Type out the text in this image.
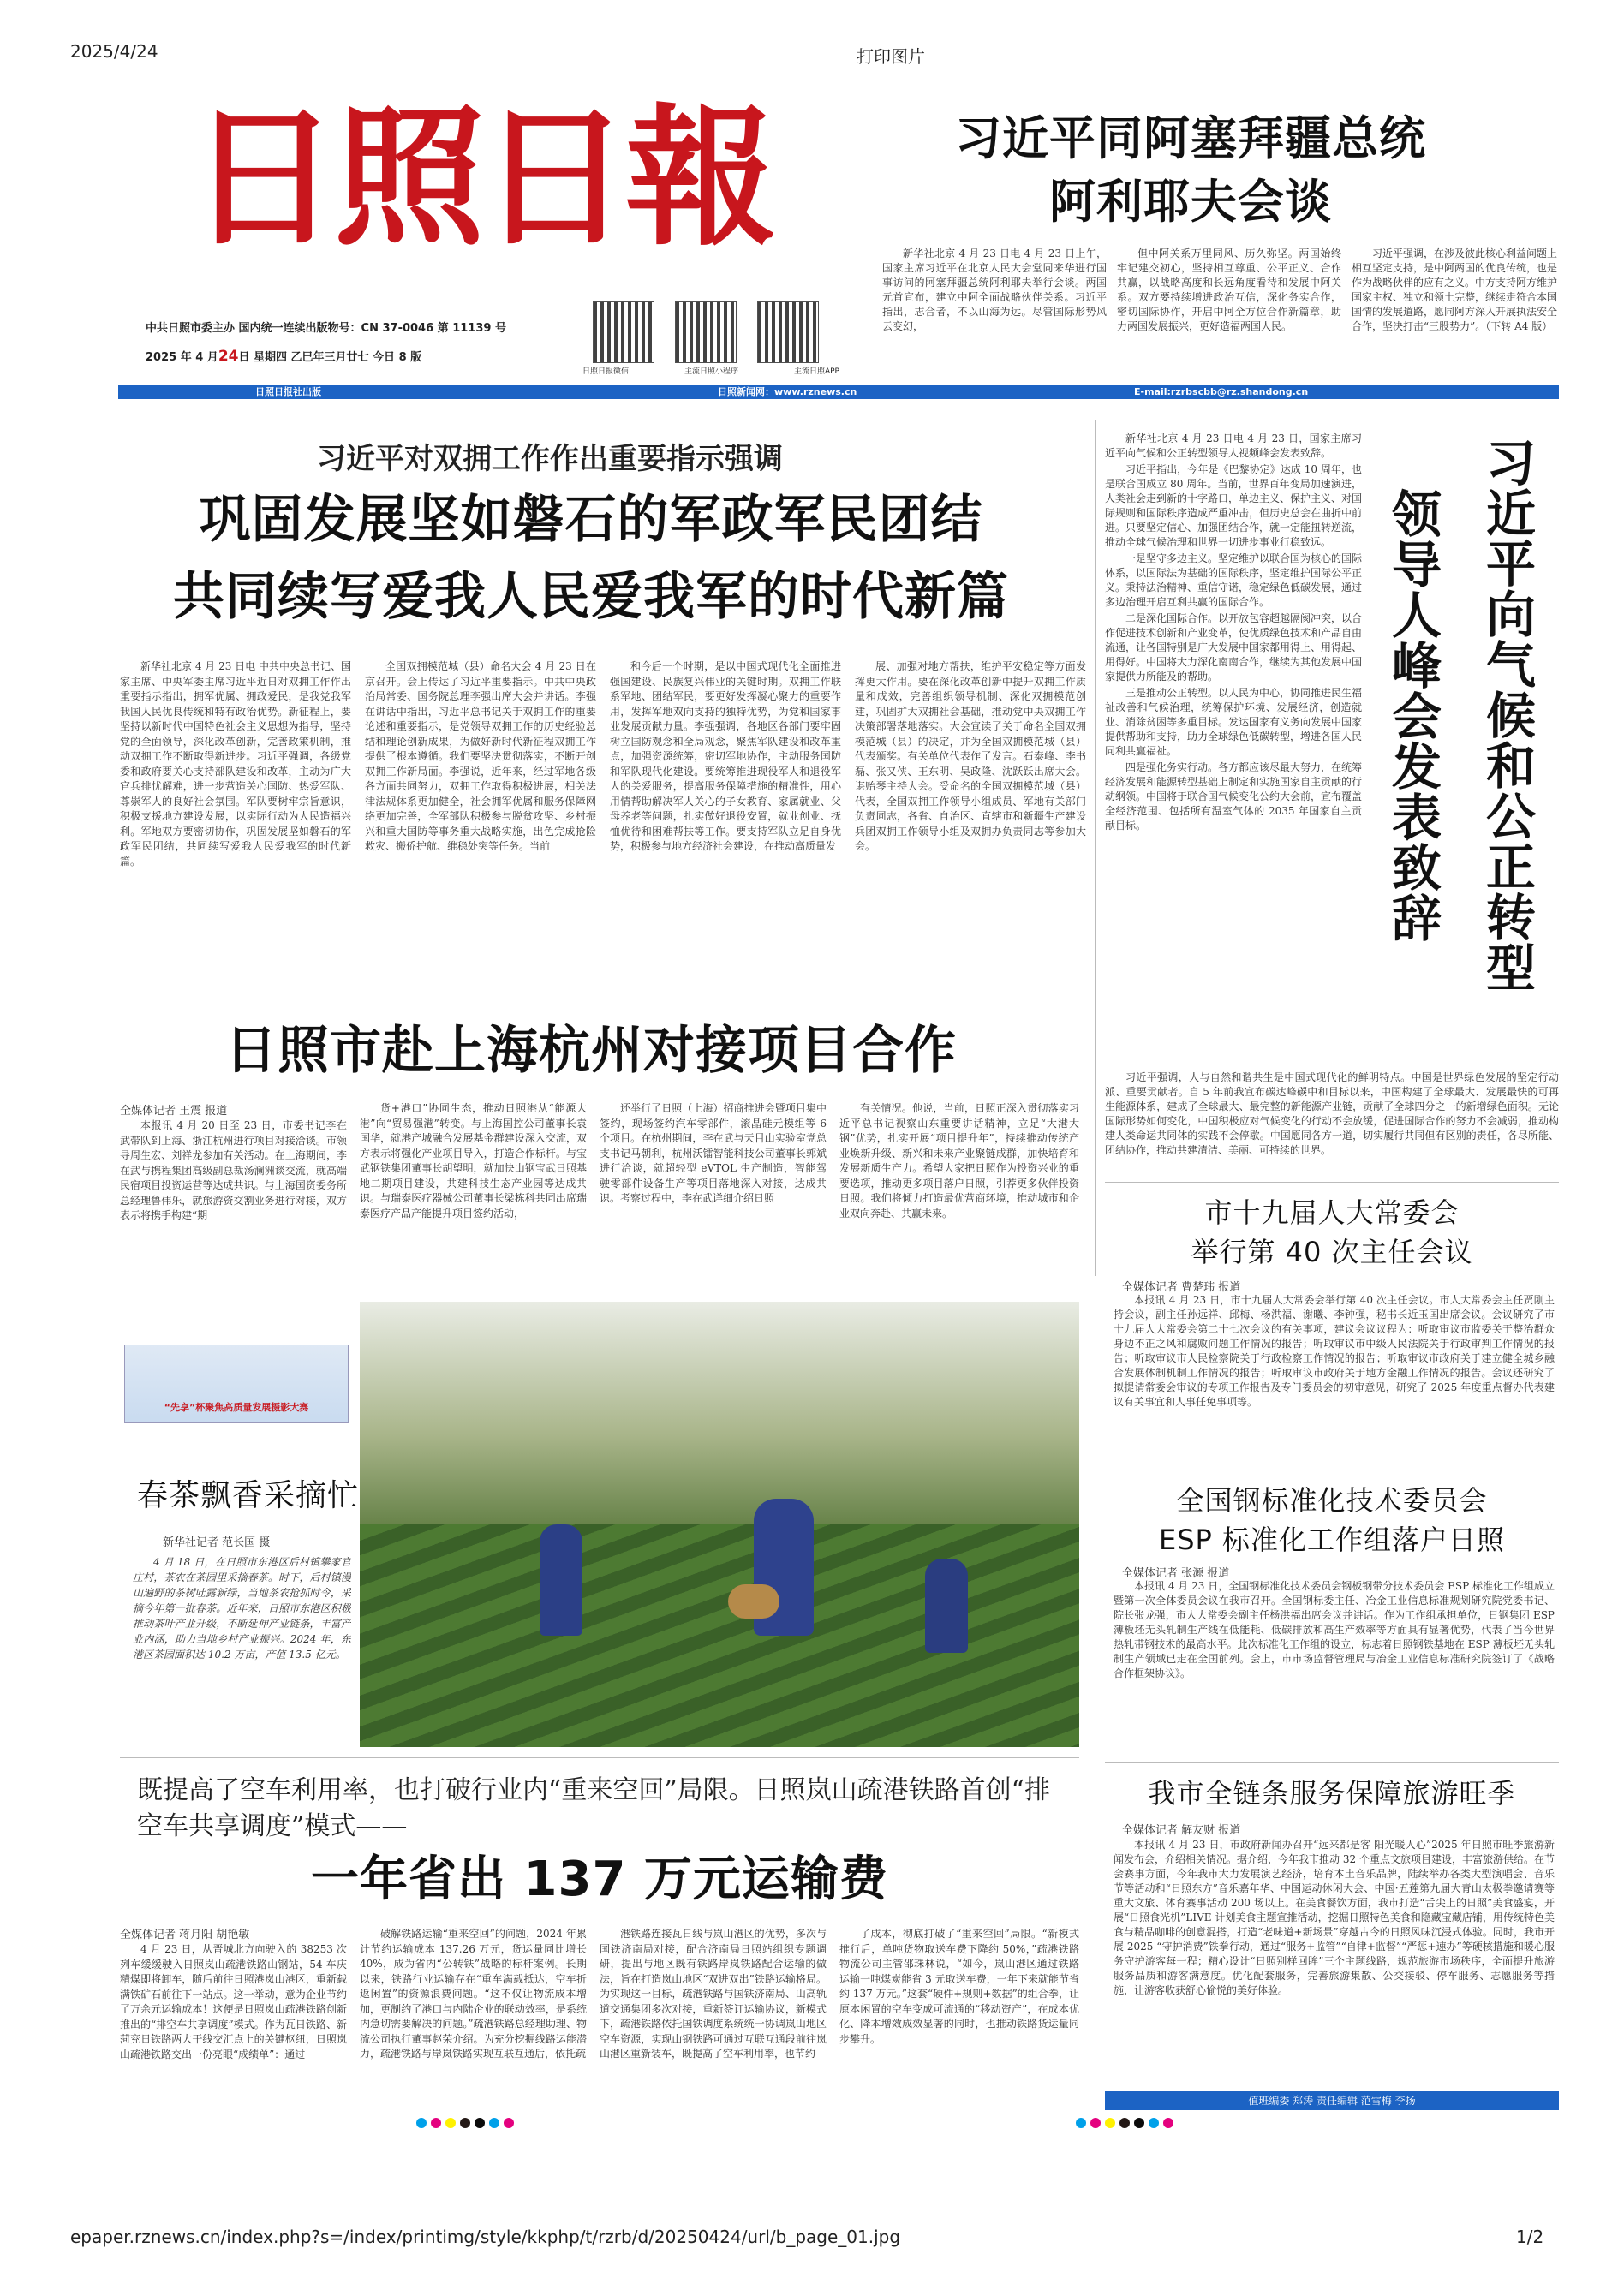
2025/4/24	打印图片
日照日報
中共日照市委主办 国内统一连续出版物号：CN 37-0046 第 11139 号
2025 年 4 月24日 星期四 乙巳年三月廿七 今日 8 版
日照日报微信	主流日照小程序	主流日照APP
习近平同阿塞拜疆总统
阿利耶夫会谈

新华社北京 4 月 23 日电 4 月 23 日上午，国家主席习近平在北京人民大会堂同来华进行国事访问的阿塞拜疆总统阿利耶夫举行会谈。两国元首宣布，建立中阿全面战略伙伴关系。习近平指出，志合者，不以山海为远。尽管国际形势风云变幻，

但中阿关系万里同风、历久弥坚。两国始终牢记建交初心，坚持相互尊重、公平正义、合作共赢，以战略高度和长远角度看待和发展中阿关系。双方要持续增进政治互信，深化务实合作，密切国际协作，开启中阿全方位合作新篇章，助力两国发展振兴，更好造福两国人民。

习近平强调，在涉及彼此核心利益问题上相互坚定支持，是中阿两国的优良传统，也是作为战略伙伴的应有之义。中方支持阿方维护国家主权、独立和领土完整，继续走符合本国国情的发展道路，愿同阿方深入开展执法安全合作，坚决打击“三股势力”。（下转 A4 版）

日照日报社出版	日照新闻网：www.rznews.cn	E-mail:rzrbscbb@rz.shandong.cn
习近平对双拥工作作出重要指示强调
巩固发展坚如磐石的军政军民团结
共同续写爱我人民爱我军的时代新篇

新华社北京 4 月 23 日电 中共中央总书记、国家主席、中央军委主席习近平近日对双拥工作作出重要指示指出，拥军优属、拥政爱民，是我党我军我国人民优良传统和特有政治优势。新征程上，要坚持以新时代中国特色社会主义思想为指导，坚持党的全面领导，深化改革创新，完善政策机制，推动双拥工作不断取得新进步。习近平强调，各级党委和政府要关心支持部队建设和改革，主动为广大官兵排忧解难，进一步营造关心国防、热爱军队、尊崇军人的良好社会氛围。军队要树牢宗旨意识，积极支援地方建设发展，以实际行动为人民造福兴利。军地双方要密切协作，巩固发展坚如磐石的军政军民团结，共同续写爱我人民爱我军的时代新篇。

全国双拥模范城（县）命名大会 4 月 23 日在京召开。会上传达了习近平重要指示。中共中央政治局常委、国务院总理李强出席大会并讲话。李强在讲话中指出，习近平总书记关于双拥工作的重要论述和重要指示，是党领导双拥工作的历史经验总结和理论创新成果，为做好新时代新征程双拥工作提供了根本遵循。我们要坚决贯彻落实，不断开创双拥工作新局面。李强说，近年来，经过军地各级各方面共同努力，双拥工作取得积极进展，相关法律法规体系更加健全，社会拥军优属和服务保障网络更加完善，全军部队积极参与脱贫攻坚、乡村振兴和重大国防等事务重大战略实施，出色完成抢险救灾、搬侨护航、维稳处突等任务。当前

和今后一个时期，是以中国式现代化全面推进强国建设、民族复兴伟业的关键时期。双拥工作联系军地、团结军民，要更好发挥凝心聚力的重要作用，发挥军地双向支持的独特优势，为党和国家事业发展贡献力量。李强强调，各地区各部门要牢固树立国防观念和全局观念，聚焦军队建设和改革重点，加强资源统筹，密切军地协作，主动服务国防和军队现代化建设。要统筹推进现役军人和退役军人的关爱服务，提高服务保障措施的精准性，用心用情帮助解决军人关心的子女教育、家属就业、父母养老等问题，扎实做好退役安置，就业创业、抚恤优待和困难帮扶等工作。要支持军队立足自身优势，积极参与地方经济社会建设，在推动高质量发

展、加强对地方帮扶，维护平安稳定等方面发挥更大作用。要在深化改革创新中提升双拥工作质量和成效，完善组织领导机制、深化双拥模范创建，巩固扩大双拥社会基础，推动党中央双拥工作决策部署落地落实。大会宣读了关于命名全国双拥模范城（县）的决定，并为全国双拥模范城（县）代表颁奖。有关单位代表作了发言。石泰峰、李书磊、张又侠、王东明、吴政隆、沈跃跃出席大会。谌贻琴主持大会。受命名的全国双拥模范城（县）代表，全国双拥工作领导小组成员、军地有关部门负责同志，各省、自治区、直辖市和新疆生产建设兵团双拥工作领导小组及双拥办负责同志等参加大会。	习近平向气候和公正转型
领导人峰会发表致辞

新华社北京 4 月 23 日电 4 月 23 日，国家主席习近平向气候和公正转型领导人视频峰会发表致辞。

习近平指出，今年是《巴黎协定》达成 10 周年，也是联合国成立 80 周年。当前，世界百年变局加速演进，人类社会走到新的十字路口，单边主义、保护主义、对国际规则和国际秩序造成严重冲击，但历史总会在曲折中前进。只要坚定信心、加强团结合作，就一定能扭转逆流，推动全球气候治理和世界一切进步事业行稳致远。

一是坚守多边主义。坚定维护以联合国为核心的国际体系，以国际法为基础的国际秩序，坚定维护国际公平正义。秉持法治精神、重信守诺，稳定绿色低碳发展，通过多边治理开启互利共赢的国际合作。

二是深化国际合作。以开放包容超越隔阂冲突，以合作促进技术创新和产业变革，使优质绿色技术和产品自由流通，让各国特别是广大发展中国家都用得上、用得起、用得好。中国将大力深化南南合作，继续为其他发展中国家提供力所能及的帮助。

三是推动公正转型。以人民为中心，协同推进民生福祉改善和气候治理，统筹保护环境、发展经济，创造就业、消除贫困等多重目标。发达国家有义务向发展中国家提供帮助和支持，助力全球绿色低碳转型，增进各国人民同利共赢福祉。

四是强化务实行动。各方都应该尽最大努力，在统筹经济发展和能源转型基础上制定和实施国家自主贡献的行动纲领。中国将于联合国气候变化公约大会前，宣布覆盖全经济范围、包括所有温室气体的 2035 年国家自主贡献目标。

习近平强调，人与自然和谐共生是中国式现代化的鲜明特点。中国是世界绿色发展的坚定行动派、重要贡献者。自 5 年前我宣布碳达峰碳中和目标以来，中国构建了全球最大、发展最快的可再生能源体系，建成了全球最大、最完整的新能源产业链，贡献了全球四分之一的新增绿色面积。无论国际形势如何变化，中国积极应对气候变化的行动不会放缓，促进国际合作的努力不会减弱，推动构建人类命运共同体的实践不会停歇。中国愿同各方一道，切实履行共同但有区别的责任，各尽所能、团结协作，推动共建清洁、美丽、可持续的世界。

日照市赴上海杭州对接项目合作
全媒体记者 王震 报道

本报讯 4 月 20 日至 23 日，市委书记李在武带队到上海、浙江杭州进行项目对接洽谈。市领导周生宏、刘祥龙参加有关活动。在上海期间，李在武与携程集团高级副总裁汤澜洲谈交流，就高端民宿项目投资运营等达成共识。与上海国资委务所总经理鲁伟乐，就旅游资交割业务进行对接，双方表示将携手构建“期

货+港口”协同生态，推动日照港从“能源大港”向“贸易强港”转变。与上海国控公司董事长袁国华，就港产城融合发展基金群建设深入交流，双方表示将强化产业项目导入，打造合作标杆。与宝武钢铁集团董事长胡望明，就加快山钢宝武日照基地二期项目建设，共建科技生态产业园等达成共识。与瑞泰医疗器械公司董事长梁栋科共同出席瑞泰医疗产品产能提升项目签约活动，

还举行了日照（上海）招商推进会暨项目集中签约，现场签约汽车零部件，滚晶硅元模组等 6 个项目。在杭州期间，李在武与天目山实验室党总支书记马朝利，杭州沃镭智能科技公司董事长郭斌进行洽谈，就超轻型 eVTOL 生产制造，智能驾驶零部件设备生产等项目落地深入对接，达成共识。考察过程中，李在武详细介绍日照

有关情况。他说，当前，日照正深入贯彻落实习近平总书记视察山东重要讲话精神，立足“大港大钢”优势，扎实开展“项目提升年”，持续推动传统产业焕新升级、新兴和未来产业聚链成群，加快培育和发展新质生产力。希望大家把日照作为投资兴业的重要选项，推动更多项目落户日照，引荐更多伙伴投资日照。我们将倾力打造最优营商环境，推动城市和企业双向奔赴、共赢未来。

“先享”杯聚焦高质量发展摄影大赛
春茶飘香采摘忙
新华社记者 范长国 摄

4 月 18 日，在日照市东港区后村镇攀家官庄村，茶农在茶园里采摘春茶。时下，后村镇漫山遍野的茶树吐露新绿，当地茶农抢抓时令，采摘今年第一批春茶。近年来，日照市东港区积极推动茶叶产业升级，不断延伸产业链条，丰富产业内涵，助力当地乡村产业振兴。2024 年，东港区茶园面积达 10.2 万亩，产值 13.5 亿元。

市十九届人大常委会
举行第 40 次主任会议
全媒体记者 曹楚玮 报道

本报讯 4 月 23 日，市十九届人大常委会举行第 40 次主任会议。市人大常委会主任贾刚主持会议，副主任孙远祥、邱梅、杨洪福、谢曦、李钟强，秘书长近玉国出席会议。会议研究了市十九届人大常委会第二十七次会议的有关事项，建议会议议程为：听取审议市监委关于整治群众身边不正之风和腐败问题工作情况的报告；听取审议市中级人民法院关于行政审判工作情况的报告；听取审议市人民检察院关于行政检察工作情况的报告；听取审议市政府关于建立健全城乡融合发展体制机制工作情况的报告；听取审议市政府关于地方金融工作情况的报告。会议还研究了拟提请常委会审议的专项工作报告及专门委员会的初审意见，研究了 2025 年度重点督办代表建议有关事宜和人事任免事项等。

全国钢标准化技术委员会
ESP 标准化工作组落户日照
全媒体记者 张源 报道

本报讯 4 月 23 日，全国钢标准化技术委员会钢板钢带分技术委员会 ESP 标准化工作组成立暨第一次全体委员会议在我市召开。全国钢标委主任、冶金工业信息标准规划研究院党委书记、院长张龙强，市人大常委会副主任杨洪福出席会议并讲话。作为工作组承担单位，日钢集团 ESP 薄板坯无头轧制生产线在低能耗、低碳排放和高生产效率等方面具有显著优势，代表了当今世界热轧带钢技术的最高水平。此次标准化工作组的设立，标志着日照钢铁基地在 ESP 薄板坯无头轧制生产领域已走在全国前列。会上，市市场监督管理局与冶金工业信息标准研究院签订了《战略合作框架协议》。

我市全链条服务保障旅游旺季
全媒体记者 解友财 报道

本报讯 4 月 23 日，市政府新闻办召开“远来都是客 阳光暖人心”2025 年日照市旺季旅游新闻发布会，介绍相关情况。据介绍，今年我市推动 32 个重点文旅项目建设，丰富旅游供给。在节会赛事方面，今年我市大力发展演艺经济，培育本土音乐品牌，陆续举办各类大型演唱会、音乐节等活动和“日照东方”音乐嘉年华、中国运动休闲大会、中国·五莲第九届大青山太极拳邀请赛等重大文旅、体育赛事活动 200 场以上。在美食餐饮方面，我市打造“舌尖上的日照”美食盛宴，开展“日照食光机”LIVE 计划美食主题宣推活动，挖掘日照特色美食和隐藏宝藏店铺，用传统特色美食与精品咖啡的创意混搭，打造“老味道+新场景”穿越古今的日照风味沉浸式体验。同时，我市开展 2025 “守护消费”铁拳行动，通过“服务+监管”“自律+监督”“严惩+速办”等硬核措施和暖心服务守护游客每一程；精心设计“日照别样回眸”三个主题线路，规范旅游市场秩序，全面提升旅游服务品质和游客满意度。优化配套服务，完善旅游集散、公交接驳、停车服务、志愿服务等措施，让游客收获舒心愉悦的美好体验。

值班编委 郑涛 责任编辑 范雪梅 李扬
既提高了空车利用率，也打破行业内“重来空回”局限。日照岚山疏港铁路首创“排空车共享调度”模式——
一年省出 137 万元运输费
全媒体记者 蒋月阳 胡艳敏

4 月 23 日，从晋城北方向驶入的 38253 次列车缓缓驶入日照岚山疏港铁路山钢站，54 车庆精煤即将卸车，随后前往日照港岚山港区，重新载满铁矿石前往下一站点。这一举动，意为企业节约了万余元运输成本！这便是日照岚山疏港铁路创新推出的“排空车共享调度”模式。作为瓦日铁路、新菏兖日铁路两大干线交汇点上的关键枢纽，日照岚山疏港铁路交出一份亮眼“成绩单”：通过

破解铁路运输“重来空回”的问题，2024 年累计节约运输成本 137.26 万元，货运量同比增长 40%，成为省内“公转铁”战略的标杆案例。长期以来，铁路行业运输存在“重车满载抵达，空车折返闲置”的资源浪费问题。“这不仅让物流成本增加，更制约了港口与内陆企业的联动效率，是系统内急切需要解决的问题。”疏港铁路总经理助理、物流公司执行董事赵荣介绍。为充分挖掘线路运能潜力，疏港铁路与岸岚铁路实现互联互通后，依托疏

港铁路连接瓦日线与岚山港区的优势，多次与国铁济南局对接，配合济南局日照站组织专题调研，提出与地区既有铁路岸岚铁路配合运输的做法，旨在打造岚山地区“双进双出”铁路运输格局。为实现这一目标，疏港铁路与国铁济南局、山高轨道交通集团多次对接，重新签订运输协议，新模式下，疏港铁路依托国铁调度系统统一协调岚山地区空车资源，实现山钢铁路可通过互联互通段前往岚山港区重新装车，既提高了空车利用率，也节约

了成本，彻底打破了“重来空回”局限。“新模式推行后，单吨货物取送车费下降约 50%，”疏港铁路物流公司主管邵珠林说，“如今，岚山港区通过铁路运输一吨煤炭能省 3 元取送车费，一年下来就能节省约 137 万元。”这套“硬件+规则+数据”的组合拳，让原本闲置的空车变成可流通的“移动资产”，在成本优化、降本增效成效显著的同时，也推动铁路货运量同步攀升。

epaper.rznews.cn/index.php?s=/index/printimg/style/kkphp/t/rzrb/d/20250424/url/b_page_01.jpg	1/2
